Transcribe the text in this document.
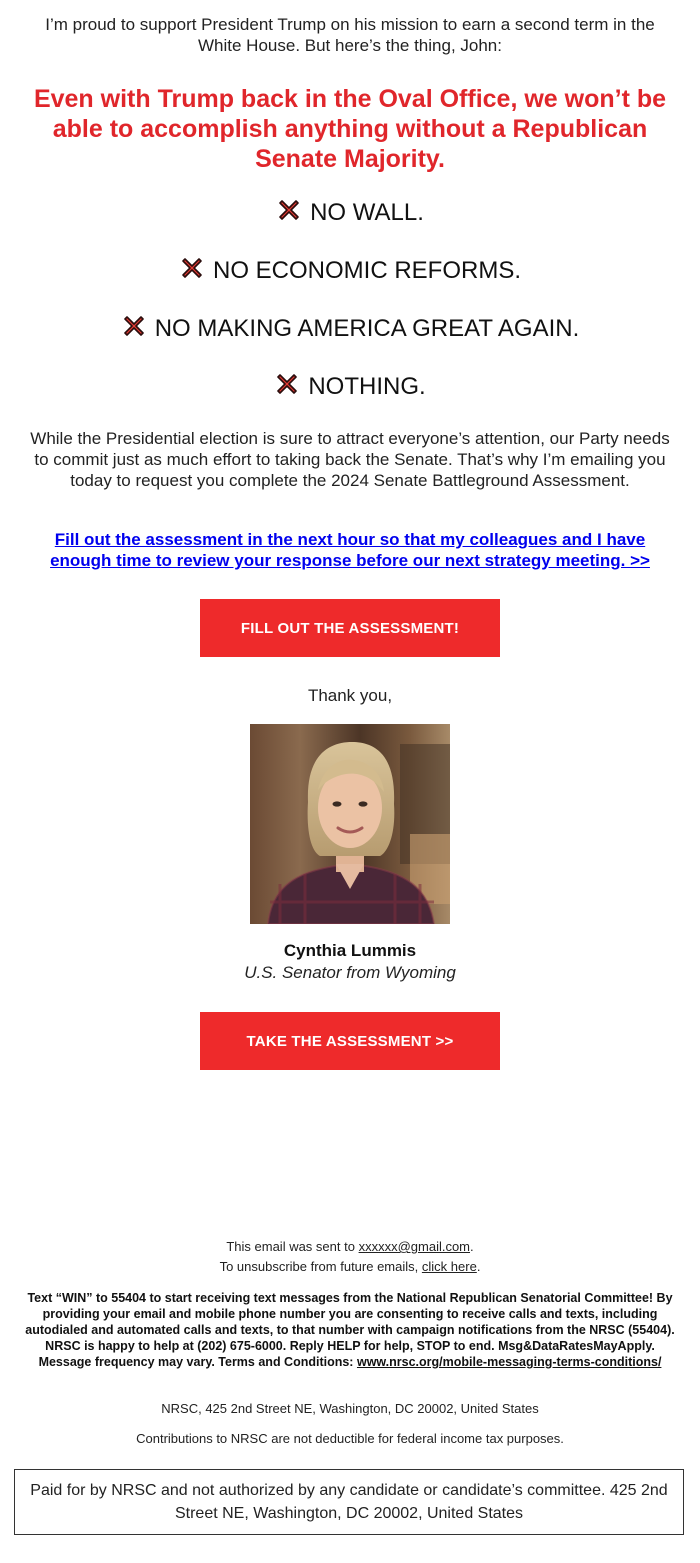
I’m proud to support President Trump on his mission to earn a second term in the White House. But here’s the thing, John:
Even with Trump back in the Oval Office, we won’t be able to accomplish anything without a Republican Senate Majority.
NO WALL.
NO ECONOMIC REFORMS.
NO MAKING AMERICA GREAT AGAIN.
NOTHING.
While the Presidential election is sure to attract everyone’s attention, our Party needs to commit just as much effort to taking back the Senate. That’s why I’m emailing you today to request you complete the 2024 Senate Battleground Assessment.
Fill out the assessment in the next hour so that my colleagues and I have enough time to review your response before our next strategy meeting. >>
FILL OUT THE ASSESSMENT!
Thank you,
Cynthia Lummis
U.S. Senator from Wyoming
TAKE THE ASSESSMENT >>
This email was sent to xxxxxx@gmail.com.
To unsubscribe from future emails, click here.
Text “WIN” to 55404 to start receiving text messages from the National Republican Senatorial Committee! By providing your email and mobile phone number you are consenting to receive calls and texts, including autodialed and automated calls and texts, to that number with campaign notifications from the NRSC (55404). NRSC is happy to help at (202) 675-6000. Reply HELP for help, STOP to end. Msg&DataRatesMayApply. Message frequency may vary. Terms and Conditions: www.nrsc.org/mobile-messaging-terms-conditions/
NRSC, 425 2nd Street NE, Washington, DC 20002, United States
Contributions to NRSC are not deductible for federal income tax purposes.
Paid for by NRSC and not authorized by any candidate or candidate’s committee. 425 2nd Street NE, Washington, DC 20002, United States
